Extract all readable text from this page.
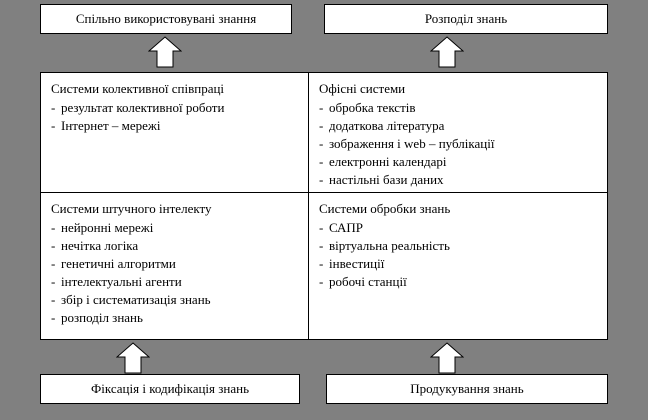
Спільно використовувані знання	Розподіл знань

Системи колективної співпраці

- результат колективної роботи
- Інтернет – мережі

Офісні системи

- обробка текстів
- додаткова література
- зображення i web – публікації
- електронні календарі
- настільні бази даних

Системи штучного інтелекту

- нейронні мережі
- нечітка логіка
- генетичні алгоритми
- інтелектуальні агенти
- збір і систематизація знань
- розподіл знань

Системи обробки знань

- САПР
- віртуальна реальність
- інвестиції
- робочі станції
Фіксація і кодифікація знань	Продукування знань
